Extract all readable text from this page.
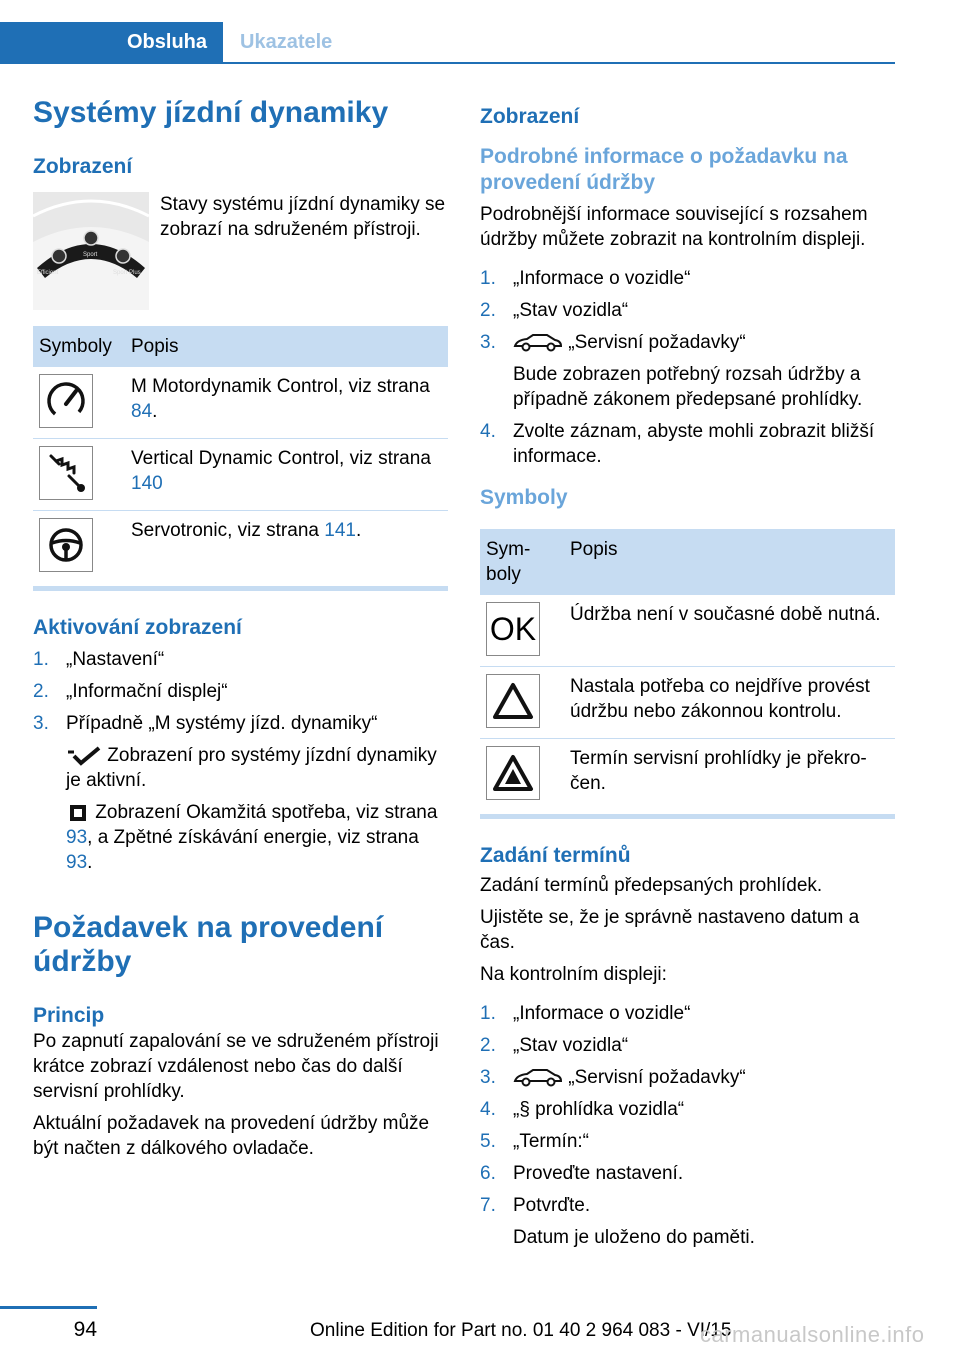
Obsluha	Ukazatele
Systémy jízdní dynamiky
Zobrazení
Efficient
Sport
Sport Plus

Stavy systému jízdní dynamiky se zobrazí na sdruženém přístroji.

Symboly	Popis

	M Motordynamik Control, viz strana 84.

	Vertical Dynamic Control, viz strana 140

	Servotronic, viz strana 141.
Aktivování zobrazení
1. „Nastavení“
2. „Informační displej“
3. Případně „M systémy jízd. dynamiky“

Zobrazení pro systémy jízdní dynamiky je aktivní.

Zobrazení Okamžitá spotřeba, viz strana 93, a Zpětné získávání energie, viz strana 93.

Požadavek na provedení údržby
Princip

Po zapnutí zapalování se ve sdruženém přístroji krátce zobrazí vzdálenost nebo čas do další servisní prohlídky.

Aktuální požadavek na provedení údržby může být načten z dálkového ovladače.

Zobrazení
Podrobné informace o požadavku na provedení údržby

Podrobnější informace související s rozsahem údržby můžete zobrazit na kontrolním displeji.

1. „Informace o vozidle“
2. „Stav vozidla“
3.	„Servisní požadavky“

Bude zobrazen potřebný rozsah údržby a případně zákonem předepsané prohlídky.

4. Zvolte záznam, abyste mohli zobrazit bližší informace.
Symboly
Symboly	Popis

OK	Údržba není v současné době nutná.

	Nastala potřeba co nejdříve provést údržbu nebo zákonnou kontrolu.

	Termín servisní prohlídky je překročen.
Zadání termínů

Zadání termínů předepsaných prohlídek.

Ujistěte se, že je správně nastaveno datum a čas.

Na kontrolním displeji:

1. „Informace o vozidle“
2. „Stav vozidla“
3.	„Servisní požadavky“
4. „§ prohlídka vozidla“
5. „Termín:“
6. Proveďte nastavení.
7. Potvrďte.

Datum je uloženo do paměti.

94	Online Edition for Part no. 01 40 2 964 083 - VI/15
carmanualsonline.info
